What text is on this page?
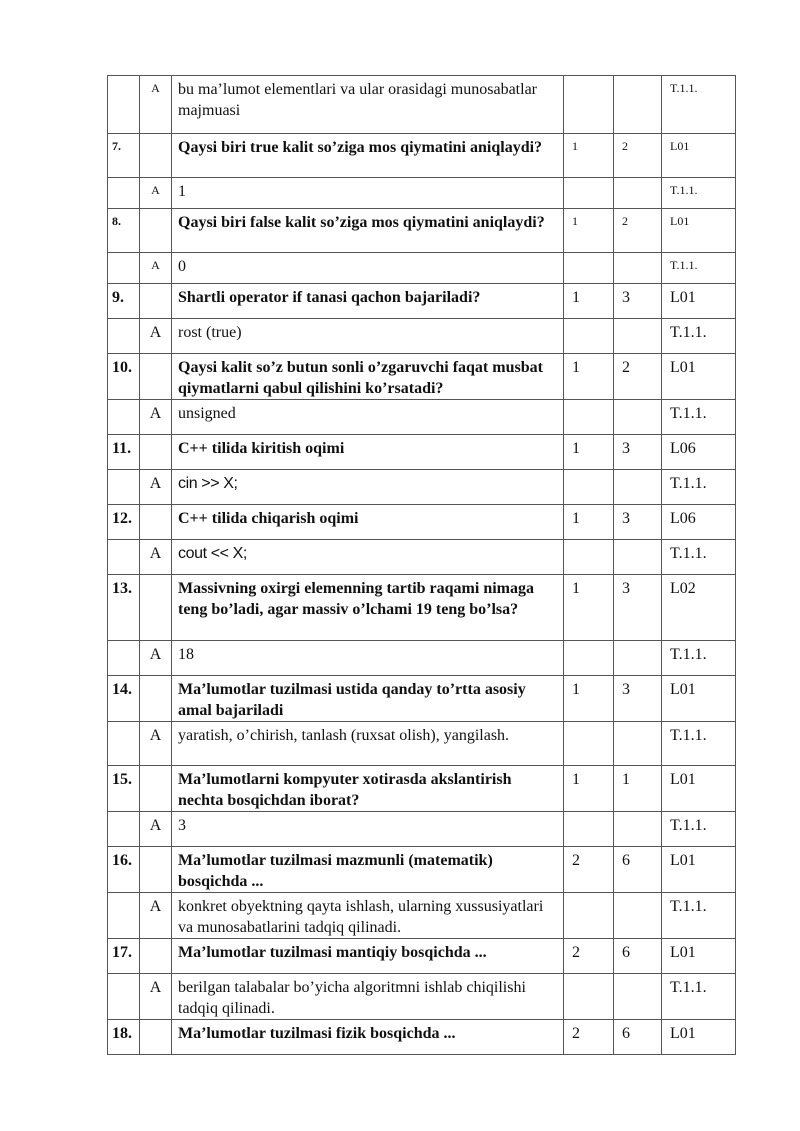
	A	bu ma’lumot elementlari va ular orasidagi munosabatlar majmuasi			T.1.1.
7.		Qaysi biri true kalit so’ziga mos qiymatini aniqlaydi?	1	2	L01
	A	1			T.1.1.
8.		Qaysi biri false kalit so’ziga mos qiymatini aniqlaydi?	1	2	L01
	A	0			T.1.1.
9.		Shartli operator if tanasi qachon bajariladi?	1	3	L01
	A	rost (true)			T.1.1.
10.		Qaysi kalit so’z butun sonli o’zgaruvchi faqat musbat qiymatlarni qabul qilishini ko’rsatadi?	1	2	L01
	A	unsigned			T.1.1.
11.		C++ tilida kiritish oqimi	1	3	L06
	A	cin >> X;			T.1.1.
12.		C++ tilida chiqarish oqimi	1	3	L06
	A	cout << X;			T.1.1.
13.		Massivning oxirgi elemenning tartib raqami nimaga teng bo’ladi, agar massiv o’lchami 19 teng bo’lsa?	1	3	L02
	A	18			T.1.1.
14.		Ma’lumotlar tuzilmasi ustida qanday to’rtta asosiy amal bajariladi	1	3	L01
	A	yaratish, o’chirish, tanlash (ruxsat olish), yangilash.			T.1.1.
15.		Ma’lumotlarni kompyuter xotirasda akslantirish nechta bosqichdan iborat?	1	1	L01
	A	3			T.1.1.
16.		Ma’lumotlar tuzilmasi mazmunli (matematik) bosqichda ...	2	6	L01
	A	konkret obyektning qayta ishlash, ularning xussusiyatlari va munosabatlarini tadqiq qilinadi.			T.1.1.
17.		Ma’lumotlar tuzilmasi mantiqiy bosqichda ...	2	6	L01
	A	berilgan talabalar bo’yicha algoritmni ishlab chiqilishi tadqiq qilinadi.			T.1.1.
18.		Ma’lumotlar tuzilmasi fizik bosqichda ...	2	6	L01
